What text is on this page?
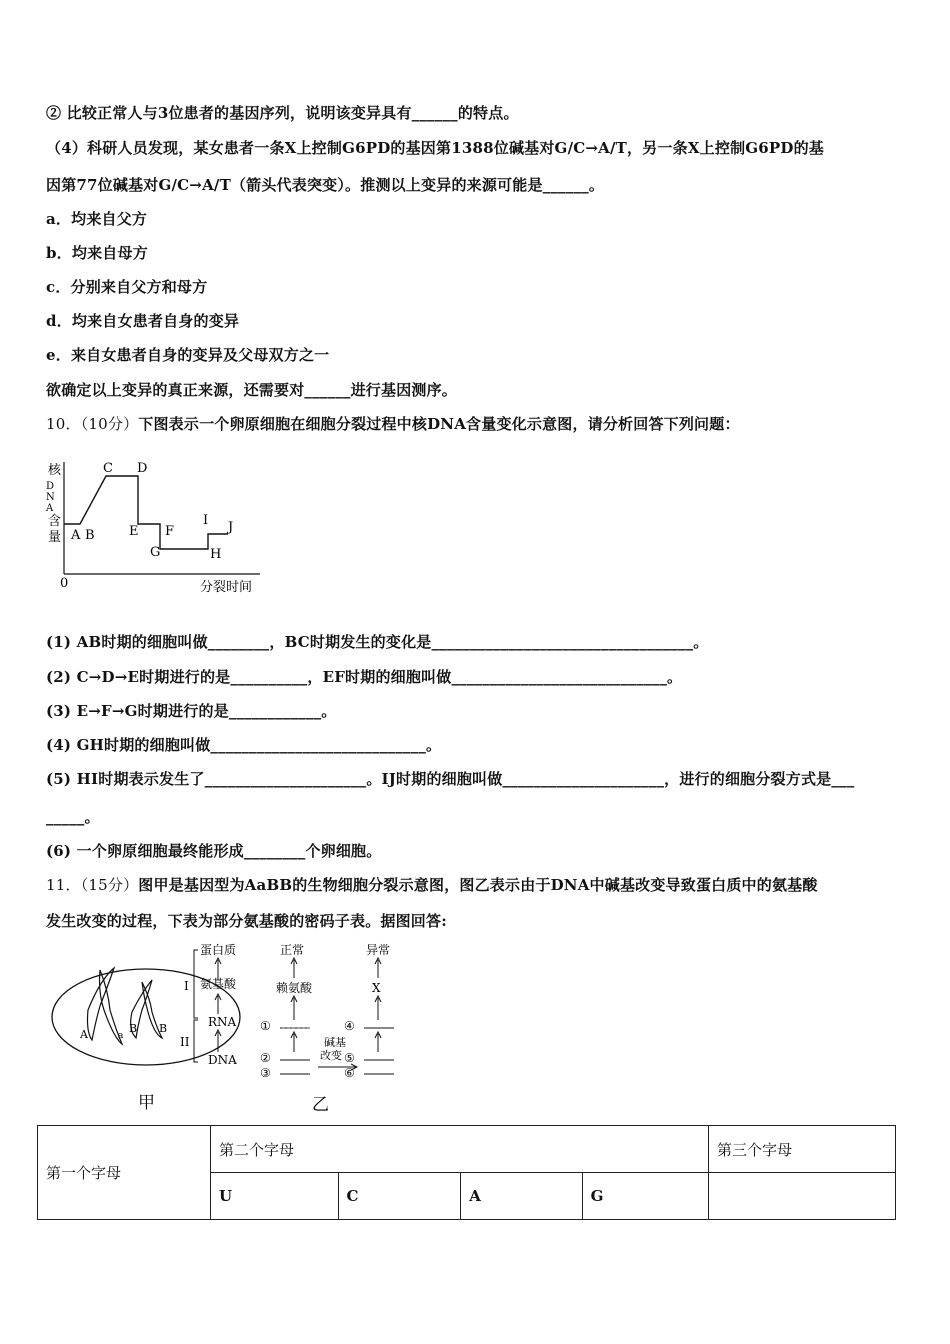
② 比较正常人与3位患者的基因序列，说明该变异具有______的特点。
（4）科研人员发现，某女患者一条X上控制G6PD的基因第1388位碱基对G/C→A/T，另一条X上控制G6PD的基
因第77位碱基对G/C→A/T（箭头代表突变）。推测以上变异的来源可能是______。
a．均来自父方
b．均来自母方
c．分别来自父方和母方
d．均来自女患者自身的变异
e．来自女患者自身的变异及父母双方之一
欲确定以上变异的真正来源，还需要对______进行基因测序。
10．（10分）下图表示一个卵原细胞在细胞分裂过程中核DNA含量变化示意图，请分析回答下列问题：
核 D N A 含量
0	分裂时间
A B
C D
E F
G	H
I J
(1) AB时期的细胞叫做________，BC时期发生的变化是__________________________________。
(2) C→D→E时期进行的是__________，EF时期的细胞叫做____________________________。
(3) E→F→G时期进行的是____________。
(4) GH时期的细胞叫做____________________________。
(5) HI时期表示发生了_____________________。IJ时期的细胞叫做_____________________，进行的细胞分裂方式是___
_____。
(6) 一个卵原细胞最终能形成________个卵细胞。
11．（15分）图甲是基因型为AaBB的生物细胞分裂示意图，图乙表示由于DNA中碱基改变导致蛋白质中的氨基酸
发生改变的过程，下表为部分氨基酸的密码子表。据图回答:
A	a
B B
甲
蛋白质
氨基酸
RNA
DNA
I
II
正常
赖氨酸
异常
X
①
②
③
④
⑤
⑥
碱基
改变
乙
第一个字母	第二个字母				第三个字母
	U	C	A	G	
